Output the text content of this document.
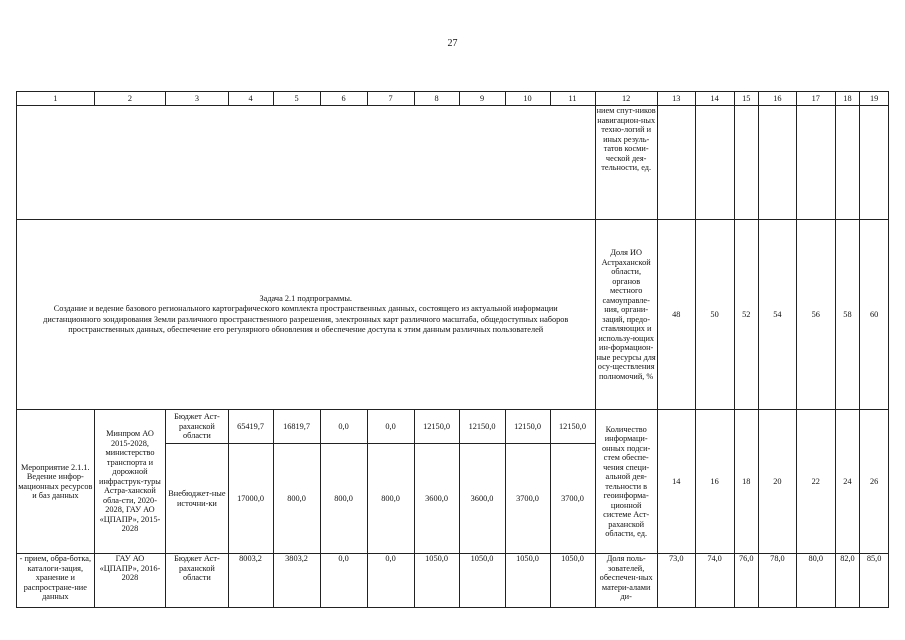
27
1	2	3	4	5	6	7	8	9	10	11	12	13	14	15	16	17	18	19
											нием спут-ников навигацион-ных техно-логий и иных резуль-татов косми-ческой дея-тельности, ед.							

Задача 2.1 подпрограммы.
Создание и ведение базового регионального картографического комплекта пространственных данных, состоящего из актуальной информации дистанционного зондирования Земли различного пространственного разрешения, электронных карт различного масштаба, общедоступных наборов пространственных данных, обеспечение его регулярного обновления и обеспечение доступа к этим данным различных пользователей											Доля ИО Астраханской области, органов местного самоуправле-ния, органи-заций, предо-ставляющих и использу-ющих ин-формацион-ные ресурсы для осу-ществления полномочий, %	48	50	52	54	56	58	60
Мероприятие 2.1.1. Ведение инфор-мационных ресурсов и баз данных	Минпром АО 2015-2028, министерство транспорта и дорожной инфраструк-туры Астра-ханской обла-сти, 2020-2028, ГАУ АО «ЦПАПР», 2015-2028	Бюджет Аст-раханской области	65419,7	16819,7	0,0	0,0	12150,0	12150,0	12150,0	12150,0	Количество информаци-онных подси-стем обеспе-чения специ-альной дея-тельности в геоинформа-ционной системе Аст-раханской области, ед.	14	16	18	20	22	24	26
		Внебюджет-ные источни-ки	17000,0	800,0	800,0	800,0	3600,0	3600,0	3700,0	3700,0								

- прием, обра-ботка, каталоги-зация, хранение и распростране-ние данных	ГАУ АО «ЦПАПР», 2016-2028	Бюджет Аст-раханской области	8003,2	3803,2	0,0	0,0	1050,0	1050,0	1050,0	1050,0	Доля поль-зователей, обеспечен-ных матери-алами ди-	73,0	74,0	76,0	78,0	80,0	82,0	85,0
